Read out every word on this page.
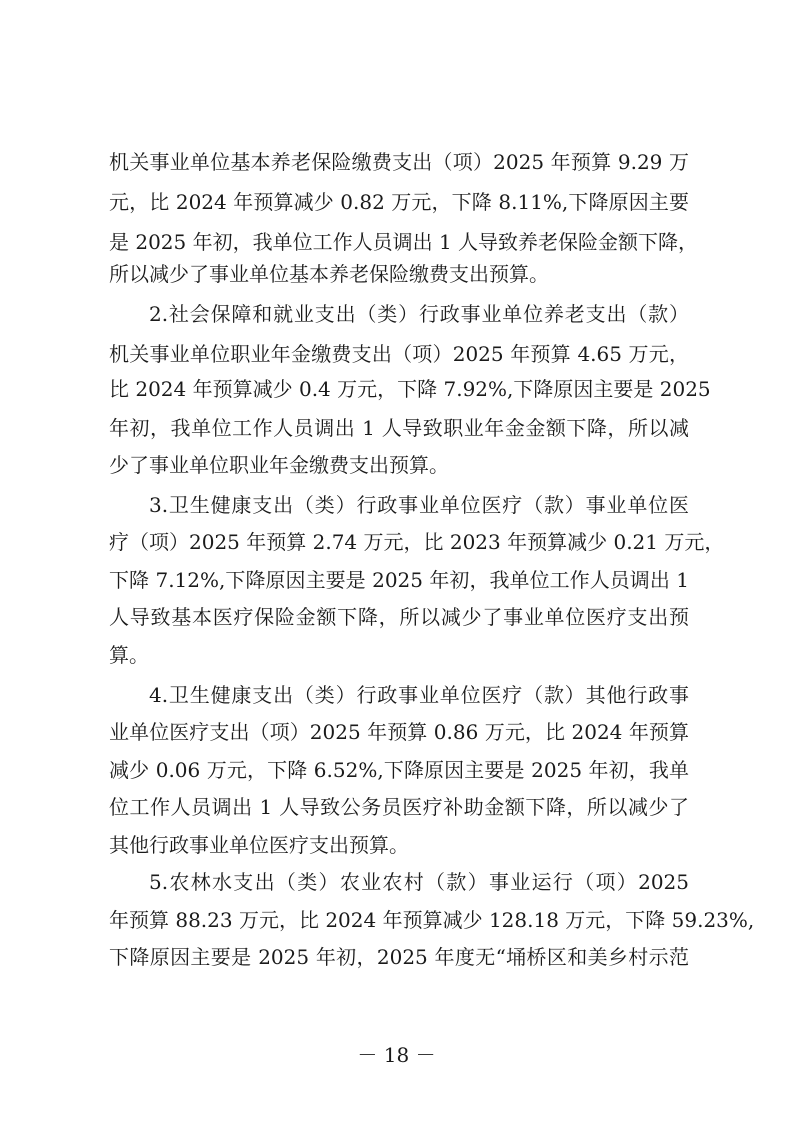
机关事业单位基本养老保险缴费支出（项）2025 年预算 9.29 万
元，比 2024 年预算减少 0.82 万元，下降 8.11%,下降原因主要
是 2025 年初，我单位工作人员调出 1 人导致养老保险金额下降，
所以减少了事业单位基本养老保险缴费支出预算。
2.社会保障和就业支出（类）行政事业单位养老支出（款）
机关事业单位职业年金缴费支出（项）2025 年预算 4.65 万元，
比 2024 年预算减少 0.4 万元，下降 7.92%,下降原因主要是 2025
年初，我单位工作人员调出 1 人导致职业年金金额下降，所以减
少了事业单位职业年金缴费支出预算。
3.卫生健康支出（类）行政事业单位医疗（款）事业单位医
疗（项）2025 年预算 2.74 万元，比 2023 年预算减少 0.21 万元，
下降 7.12%,下降原因主要是 2025 年初，我单位工作人员调出 1
人导致基本医疗保险金额下降，所以减少了事业单位医疗支出预
算。
4.卫生健康支出（类）行政事业单位医疗（款）其他行政事
业单位医疗支出（项）2025 年预算 0.86 万元，比 2024 年预算
减少 0.06 万元，下降 6.52%,下降原因主要是 2025 年初，我单
位工作人员调出 1 人导致公务员医疗补助金额下降，所以减少了
其他行政事业单位医疗支出预算。
5.农林水支出（类）农业农村（款）事业运行（项）2025
年预算 88.23 万元，比 2024 年预算减少 128.18 万元，下降 59.23%,
下降原因主要是 2025 年初，2025 年度无“埇桥区和美乡村示范
－ 18 －
